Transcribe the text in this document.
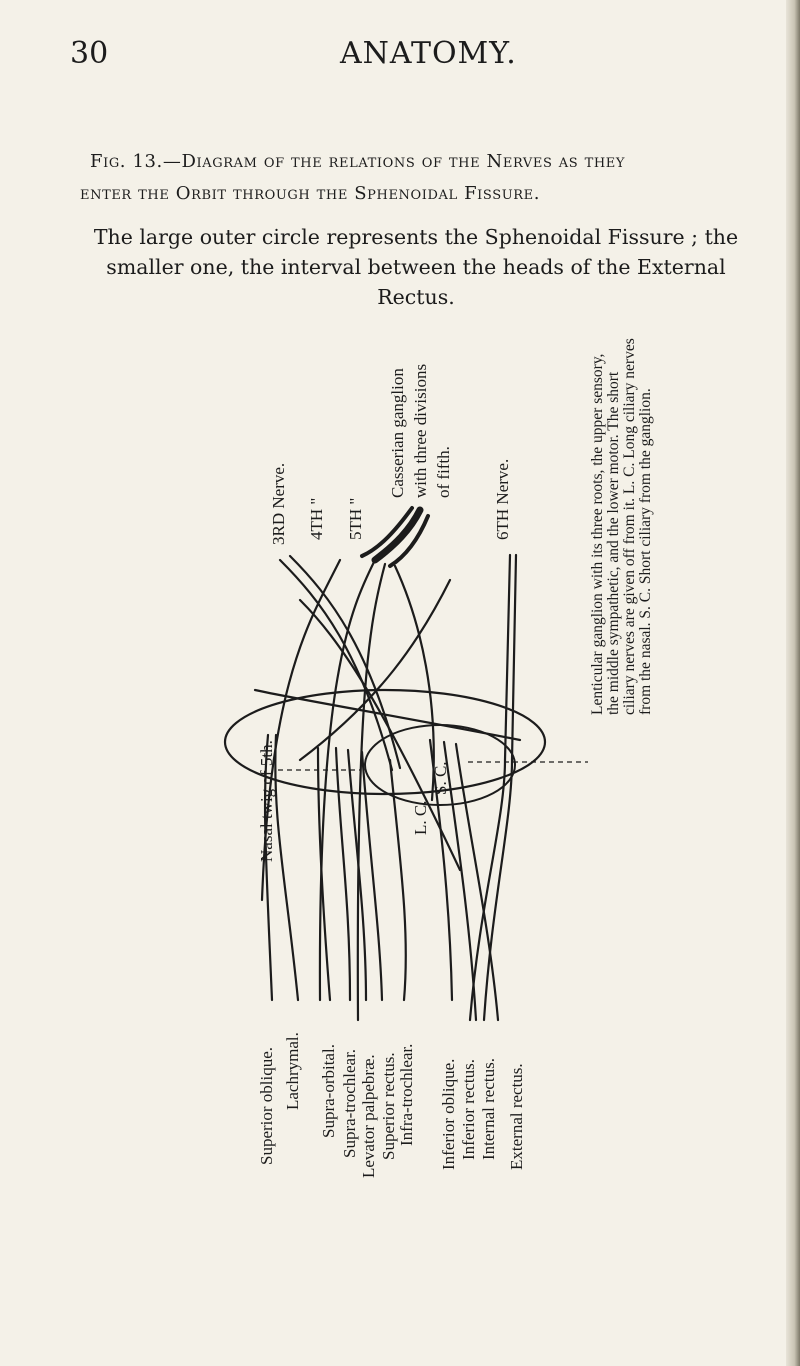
30	ANATOMY.
Fig. 13.—Diagram of the relations of the Nerves as they
enter the Orbit through the Sphenoidal Fissure.
The large outer circle represents the Sphenoidal Fissure ; the smaller one, the interval between the heads of the External Rectus.
3RD Nerve. 4TH " 5TH "
Casserian ganglion with three divisions of fifth. 6TH Nerve.
Nasal twig of 5th.	L. C.
S. C.
Superior oblique. Lachrymal. Supra-orbital. Supra-trochlear. Levator palpebræ. Superior rectus. Infra-trochlear. Inferior oblique. Inferior rectus. Internal rectus. External rectus.
Lenticular ganglion with its three roots, the upper sensory, the middle sympathetic, and the lower motor. The short ciliary nerves are given off from it. L. C. Long ciliary nerves from the nasal. S. C. Short ciliary from the ganglion.
